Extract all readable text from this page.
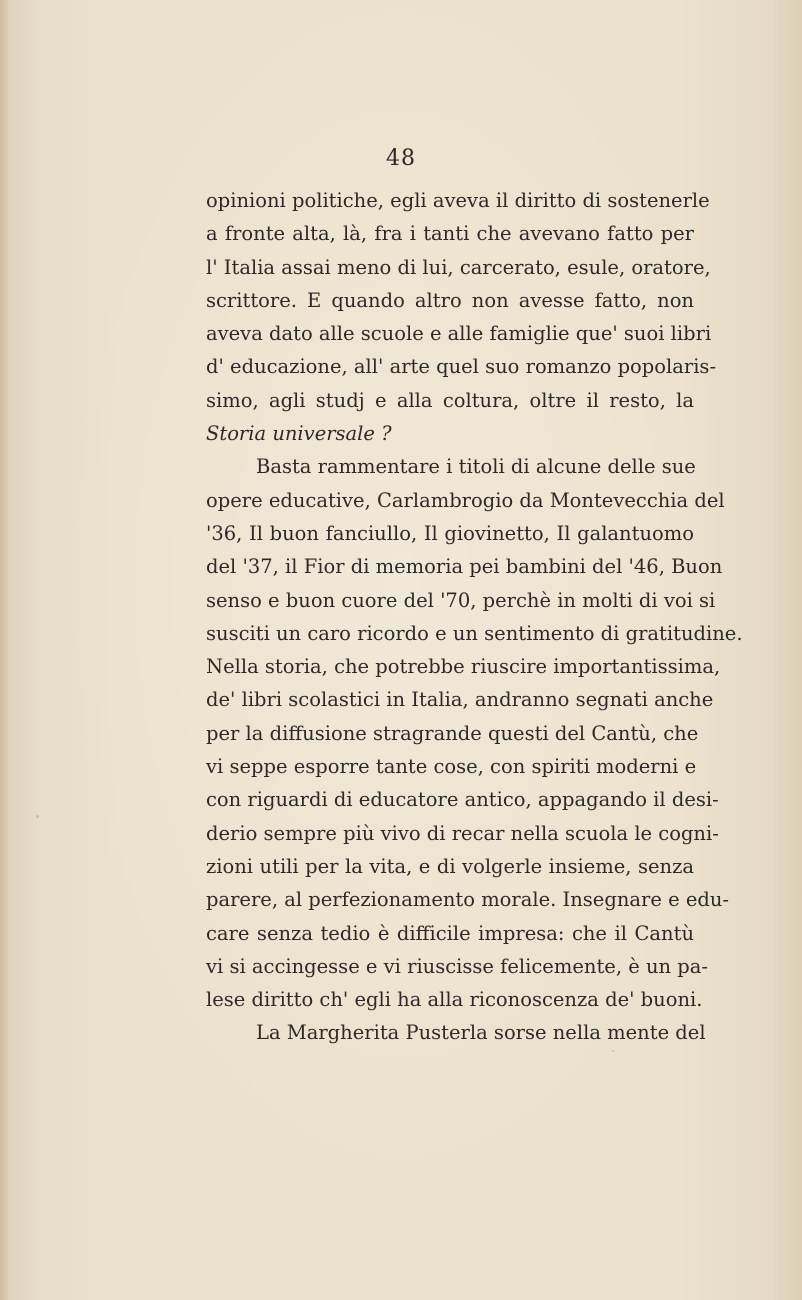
48
opinioni politiche, egli aveva il diritto di sostenerle
a fronte alta, là, fra i tanti che avevano fatto per
l' Italia assai meno di lui, carcerato, esule, oratore,
scrittore. E quando altro non avesse fatto, non
aveva dato alle scuole e alle famiglie que' suoi libri
d' educazione, all' arte quel suo romanzo popolaris-
simo, agli studj e alla coltura, oltre il resto, la
Storia universale ?
Basta rammentare i titoli di alcune delle sue
opere educative, Carlambrogio da Montevecchia del
'36, Il buon fanciullo, Il giovinetto, Il galantuomo
del '37, il Fior di memoria pei bambini del '46, Buon
senso e buon cuore del '70, perchè in molti di voi si
susciti un caro ricordo e un sentimento di gratitudine.
Nella storia, che potrebbe riuscire importantissima,
de' libri scolastici in Italia, andranno segnati anche
per la diffusione stragrande questi del Cantù, che
vi seppe esporre tante cose, con spiriti moderni e
con riguardi di educatore antico, appagando il desi-
derio sempre più vivo di recar nella scuola le cogni-
zioni utili per la vita, e di volgerle insieme, senza
parere, al perfezionamento morale. Insegnare e edu-
care senza tedio è difficile impresa: che il Cantù
vi si accingesse e vi riuscisse felicemente, è un pa-
lese diritto ch' egli ha alla riconoscenza de' buoni.
La Margherita Pusterla sorse nella mente del
